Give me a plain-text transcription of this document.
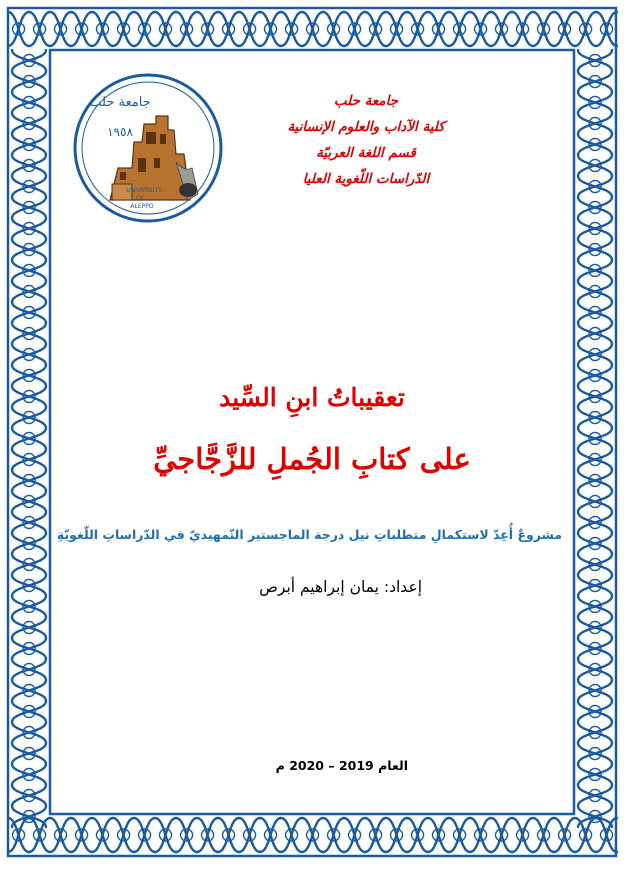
جامعة حلب
١٩٥٨
UNIVERSITY
OF
ALEPPO
جامعة حلب
كلية الآداب والعلوم الإنسانية
قسم اللغة العربيّة
الدّراسات اللّغوية العليا
تعقيباتُ ابنِ السِّيد
على كتابِ الجُملِ للزَّجَّاجيِّ
مشروعٌ أُعِدّ لاستكمالِ متطلباتِ نيل درجة الماجستير التّمهيديّ في الدّراساتِ اللّغويّةِ
إعداد: يمان إبراهيم أبرص
العام 2019 – 2020 م
